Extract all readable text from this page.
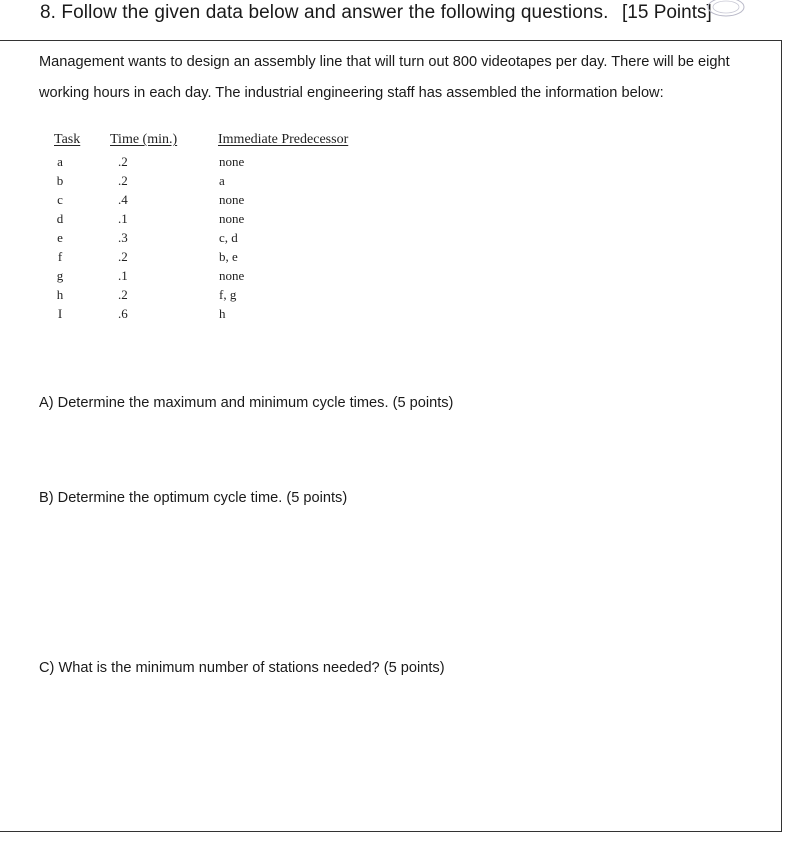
8. Follow the given data below and answer the following questions. [15 Points]
Management wants to design an assembly line that will turn out 800 videotapes per day. There will be eight
working hours in each day. The industrial engineering staff has assembled the information below:
Task Time (min.)	Immediate Predecessor
a	.2	none
b	.2	a
c	.4	none
d	.1	none
e	.3	c, d
f	.2	b, e
g	.1	none
h	.2	f, g
I	.6	h
A) Determine the maximum and minimum cycle times. (5 points)
B) Determine the optimum cycle time. (5 points)
C) What is the minimum number of stations needed? (5 points)
